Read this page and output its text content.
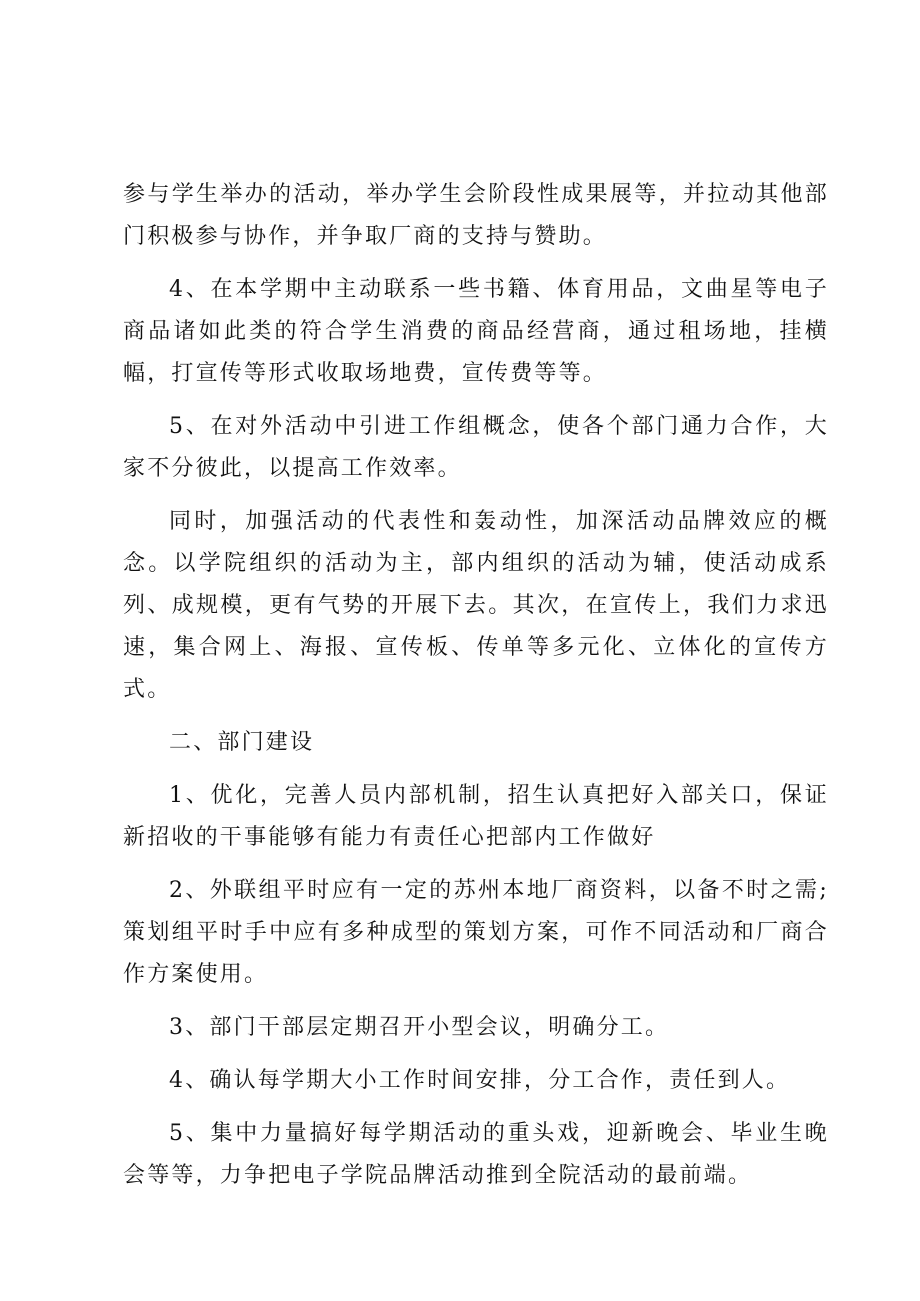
参与学生举办的活动，举办学生会阶段性成果展等，并拉动其他部门积极参与协作，并争取厂商的支持与赞助。

4、在本学期中主动联系一些书籍、体育用品，文曲星等电子商品诸如此类的符合学生消费的商品经营商，通过租场地，挂横幅，打宣传等形式收取场地费，宣传费等等。

5、在对外活动中引进工作组概念，使各个部门通力合作，大家不分彼此，以提高工作效率。

同时，加强活动的代表性和轰动性，加深活动品牌效应的概念。以学院组织的活动为主，部内组织的活动为辅，使活动成系列、成规模，更有气势的开展下去。其次，在宣传上，我们力求迅速，集合网上、海报、宣传板、传单等多元化、立体化的宣传方式。

二、部门建设

1、优化，完善人员内部机制，招生认真把好入部关口，保证新招收的干事能够有能力有责任心把部内工作做好

2、外联组平时应有一定的苏州本地厂商资料，以备不时之需;策划组平时手中应有多种成型的策划方案，可作不同活动和厂商合作方案使用。

3、部门干部层定期召开小型会议，明确分工。

4、确认每学期大小工作时间安排，分工合作，责任到人。

5、集中力量搞好每学期活动的重头戏，迎新晚会、毕业生晚会等等，力争把电子学院品牌活动推到全院活动的最前端。
